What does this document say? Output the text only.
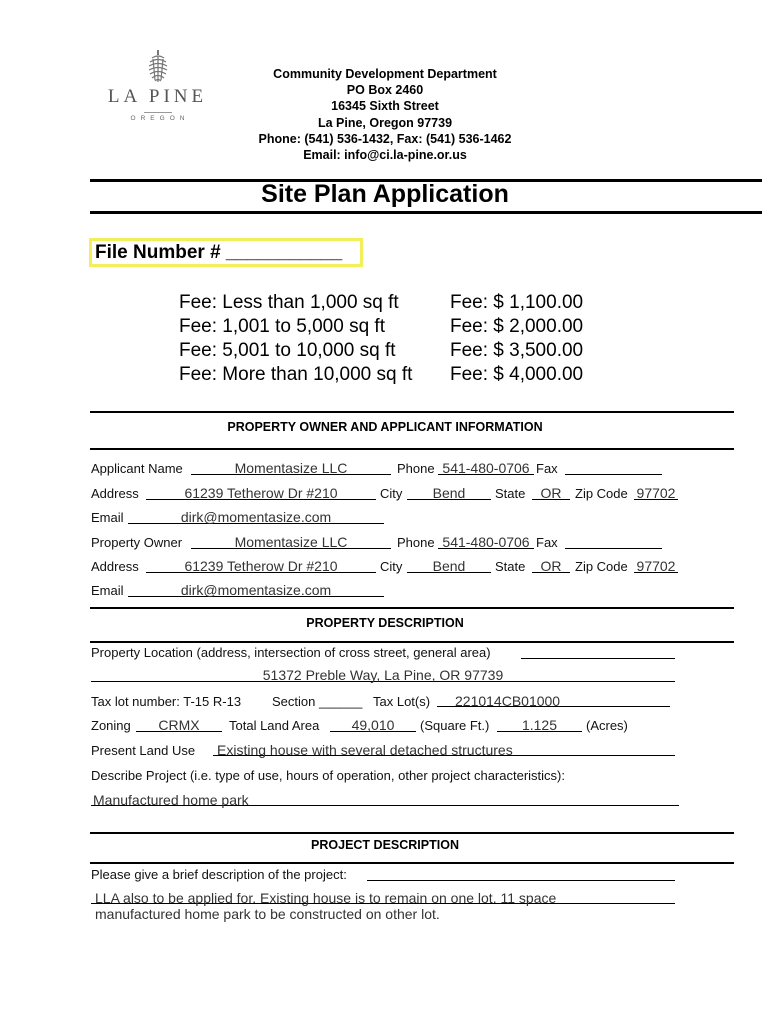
LA PINE
OREGON
Community Development Department
PO Box 2460
16345 Sixth Street
La Pine, Oregon 97739
Phone: (541) 536-1432, Fax: (541) 536-1462
Email: info@ci.la-pine.or.us
Site Plan Application
File Number # ___________
Fee: Less than 1,000 sq ft	Fee: $ 1,100.00
Fee: 1,001 to 5,000 sq ft	Fee: $ 2,000.00
Fee: 5,001 to 10,000 sq ft	Fee: $ 3,500.00
Fee: More than 10,000 sq ft Fee: $ 4,000.00
PROPERTY OWNER AND APPLICANT INFORMATION
Applicant Name	Momentasize LLC	Phone 541-480-0706 Fax
Address	61239 Tetherow Dr #210	City	Bend	State	OR	Zip Code 97702
Email	dirk@momentasize.com
Property Owner	Momentasize LLC	Phone 541-480-0706 Fax
Address	61239 Tetherow Dr #210	City	Bend	State	OR	Zip Code 97702
Email	dirk@momentasize.com
PROPERTY DESCRIPTION
Property Location (address, intersection of cross street, general area)
51372 Preble Way, La Pine, OR 97739
Tax lot number: T-15 R-13 Section ______ Tax Lot(s)	221014CB01000
Zoning	CRMX	Total Land Area	49,010	(Square Ft.)	1.125	(Acres)
Present Land Use Existing house with several detached structures
Describe Project (i.e. type of use, hours of operation, other project characteristics):
Manufactured home park
PROJECT DESCRIPTION
Please give a brief description of the project:
LLA also to be applied for. Existing house is to remain on one lot. 11 space
manufactured home park to be constructed on other lot.
